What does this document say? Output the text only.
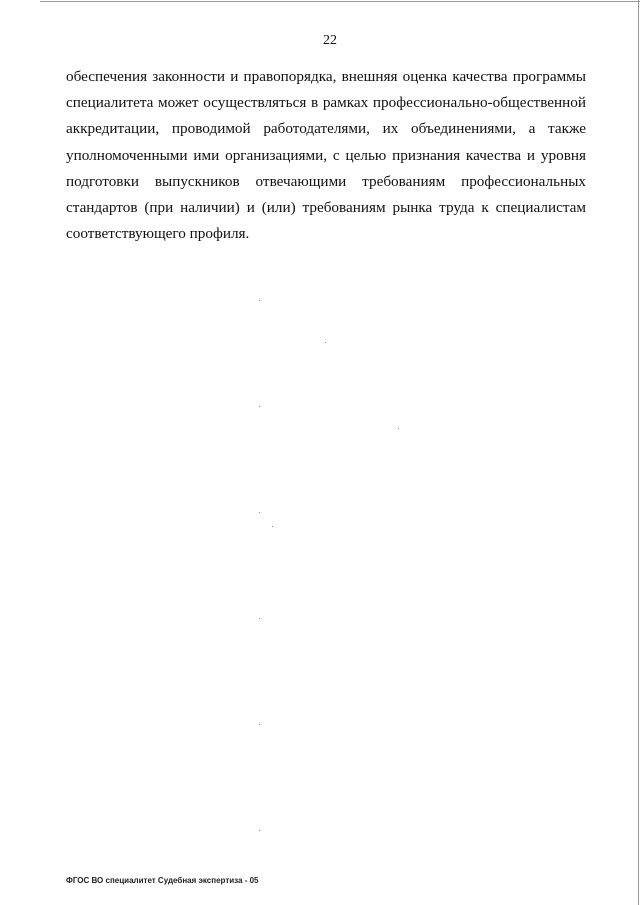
22
обеспечения законности и правопорядка, внешняя оценка качества программы
специалитета может осуществляться в рамках профессионально-общественной
аккредитации, проводимой работодателями, их объединениями, а также
уполномоченными ими организациями, с целью признания качества и уровня
подготовки выпускников отвечающими требованиям профессиональных
стандартов (при наличии) и (или) требованиям рынка труда к специалистам
соответствующего профиля.
ФГОС ВО специалитет Судебная экспертиза - 05
